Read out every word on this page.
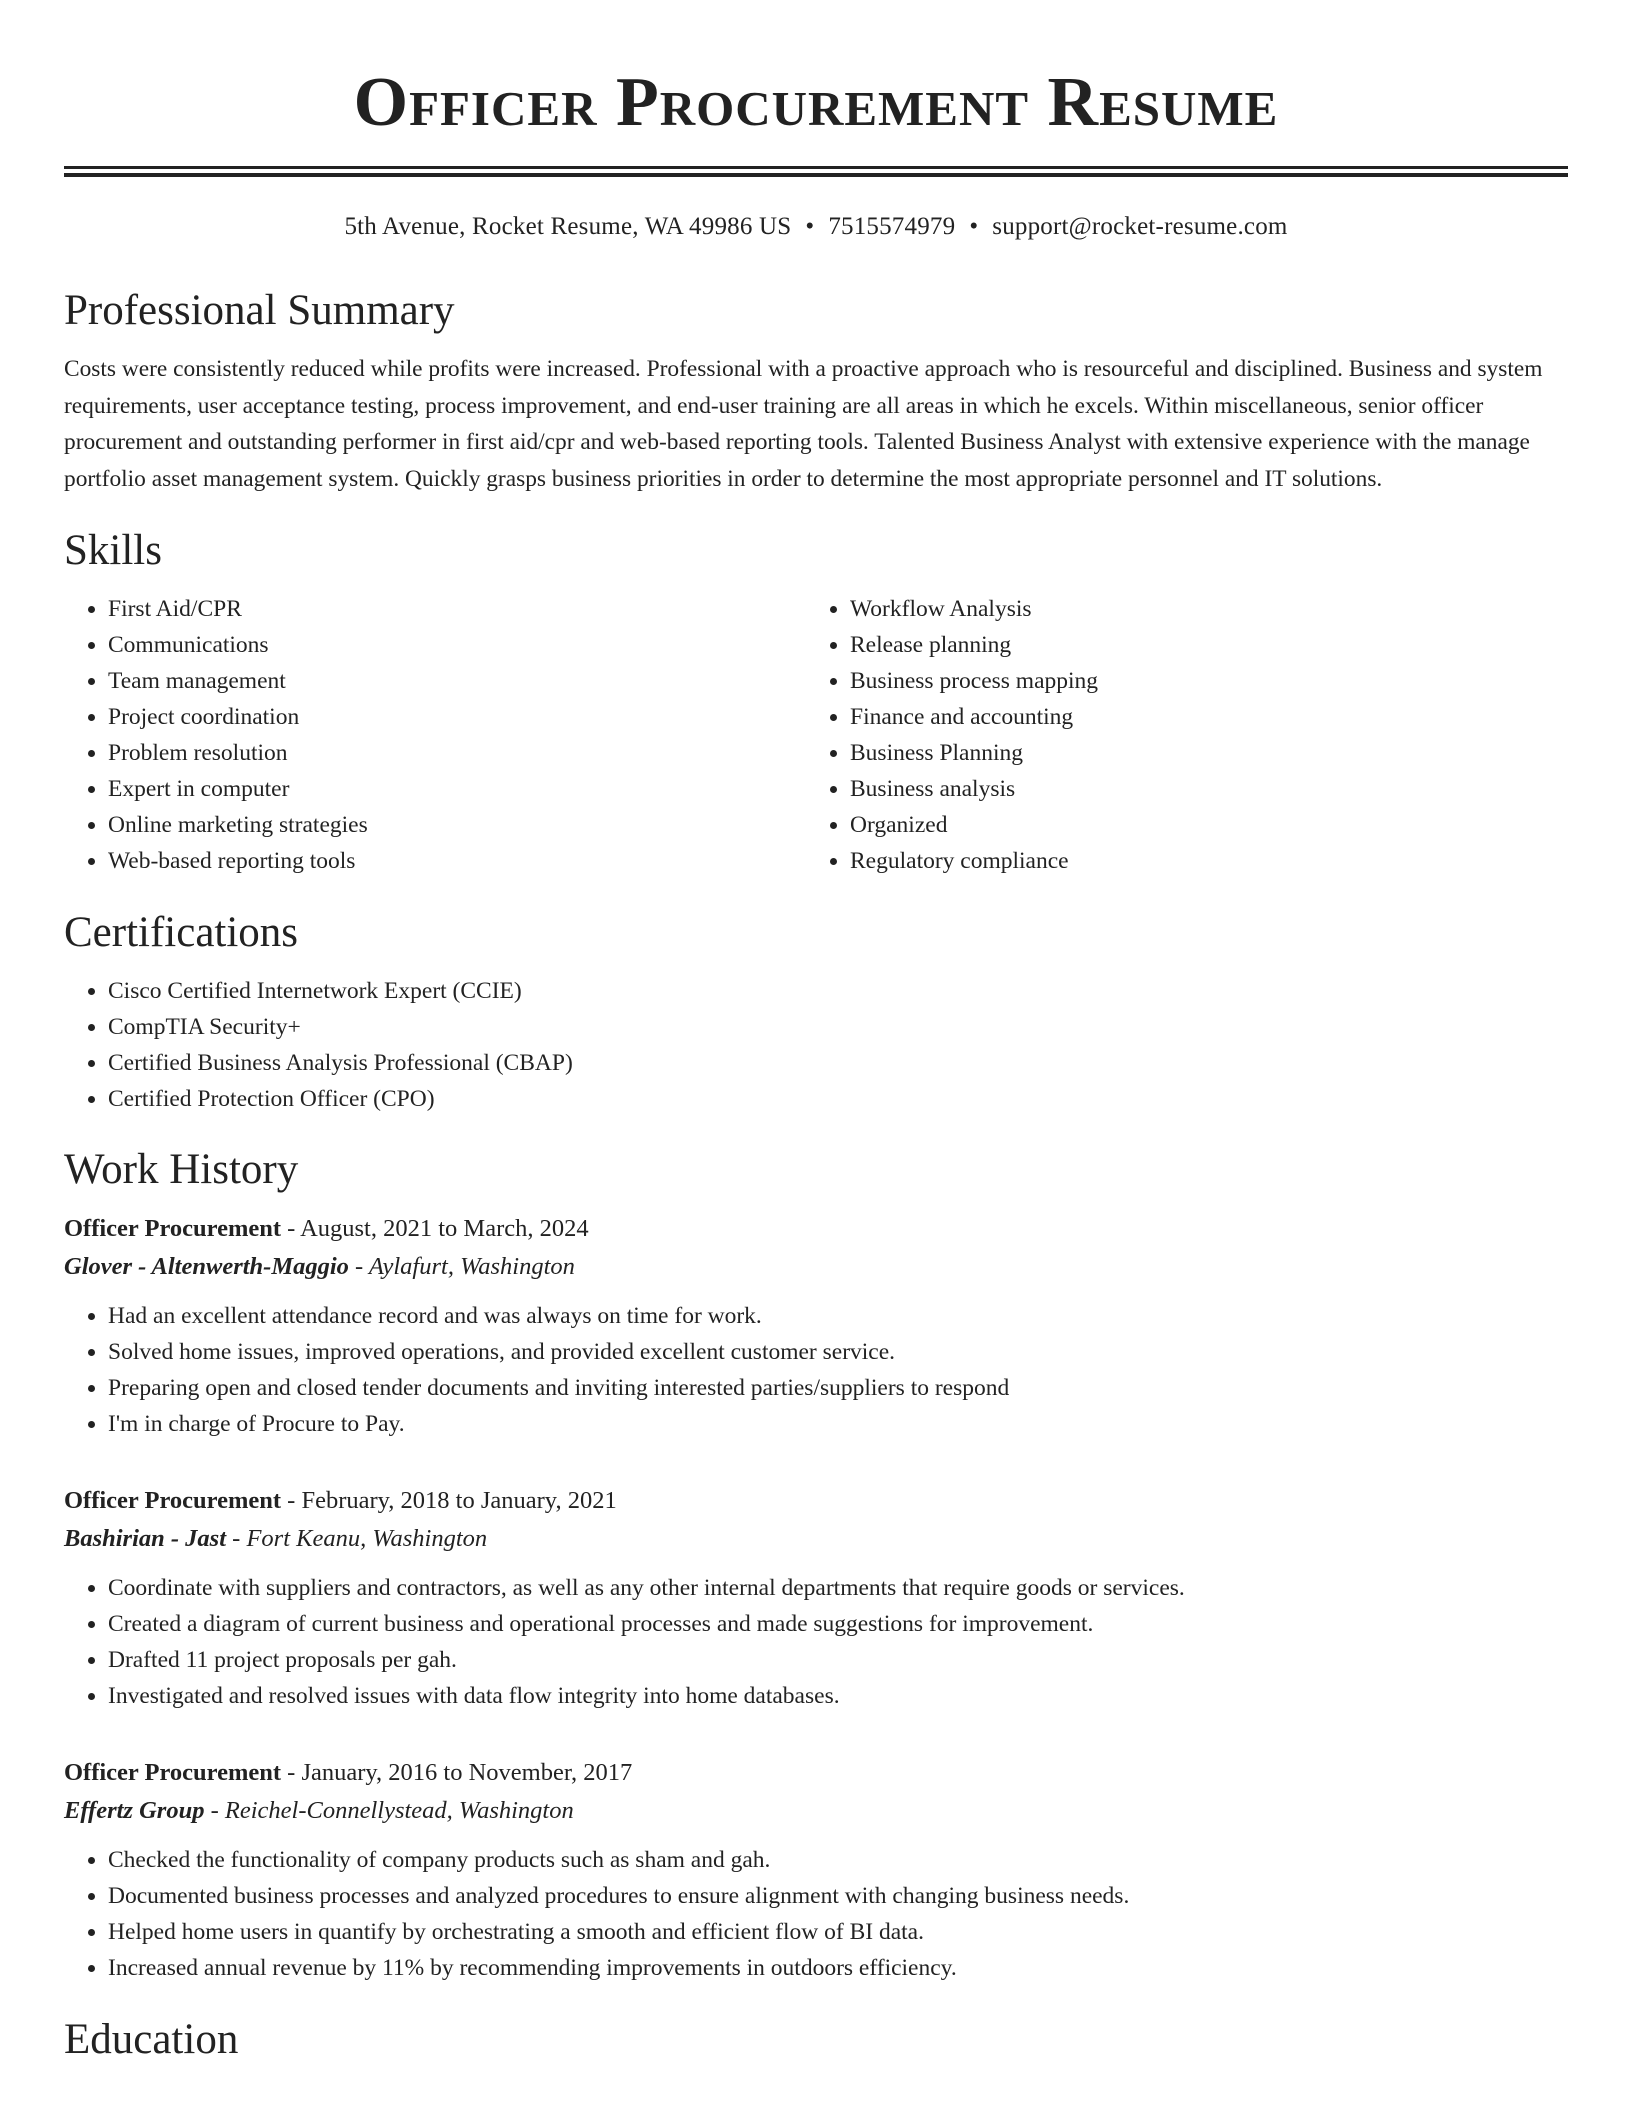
Officer Procurement Resume
5th Avenue, Rocket Resume, WA 49986 US • 7515574979 • support@rocket-resume.com
Professional Summary

Costs were consistently reduced while profits were increased. Professional with a proactive approach who is resourceful and disciplined. Business and system requirements, user acceptance testing, process improvement, and end-user training are all areas in which he excels. Within miscellaneous, senior officer procurement and outstanding performer in first aid/cpr and web-based reporting tools. Talented Business Analyst with extensive experience with the manage portfolio asset management system. Quickly grasps business priorities in order to determine the most appropriate personnel and IT solutions.

Skills
• First Aid/CPR
• Communications
• Team management
• Project coordination
• Problem resolution
• Expert in computer
• Online marketing strategies
• Web-based reporting tools
• Workflow Analysis
• Release planning
• Business process mapping
• Finance and accounting
• Business Planning
• Business analysis
• Organized
• Regulatory compliance
Certifications
• Cisco Certified Internetwork Expert (CCIE)
• CompTIA Security+
• Certified Business Analysis Professional (CBAP)
• Certified Protection Officer (CPO)
Work History
Officer Procurement - August, 2021 to March, 2024
Glover - Altenwerth-Maggio - Aylafurt, Washington
• Had an excellent attendance record and was always on time for work.
• Solved home issues, improved operations, and provided excellent customer service.
• Preparing open and closed tender documents and inviting interested parties/suppliers to respond
• I'm in charge of Procure to Pay.
Officer Procurement - February, 2018 to January, 2021
Bashirian - Jast - Fort Keanu, Washington
• Coordinate with suppliers and contractors, as well as any other internal departments that require goods or services.
• Created a diagram of current business and operational processes and made suggestions for improvement.
• Drafted 11 project proposals per gah.
• Investigated and resolved issues with data flow integrity into home databases.
Officer Procurement - January, 2016 to November, 2017
Effertz Group - Reichel-Connellystead, Washington
• Checked the functionality of company products such as sham and gah.
• Documented business processes and analyzed procedures to ensure alignment with changing business needs.
• Helped home users in quantify by orchestrating a smooth and efficient flow of BI data.
• Increased annual revenue by 11% by recommending improvements in outdoors efficiency.
Education
